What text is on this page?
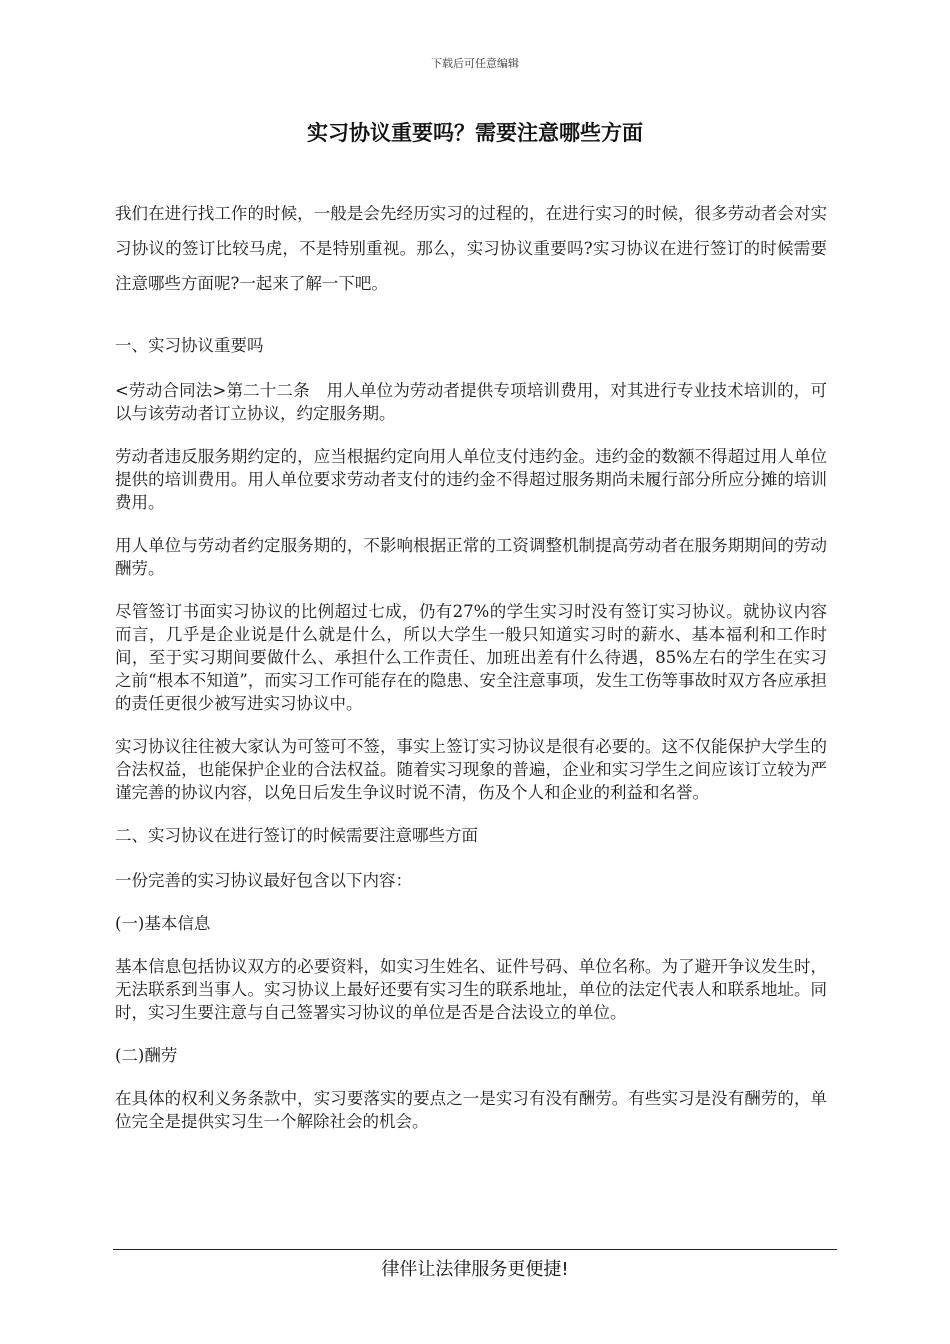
下载后可任意编辑
实习协议重要吗？需要注意哪些方面

我们在进行找工作的时候，一般是会先经历实习的过程的，在进行实习的时候，很多劳动者会对实习协议的签订比较马虎，不是特别重视。那么，实习协议重要吗?实习协议在进行签订的时候需要注意哪些方面呢?一起来了解一下吧。

一、实习协议重要吗

<劳动合同法>第二十二条　用人单位为劳动者提供专项培训费用，对其进行专业技术培训的，可以与该劳动者订立协议，约定服务期。

劳动者违反服务期约定的，应当根据约定向用人单位支付违约金。违约金的数额不得超过用人单位提供的培训费用。用人单位要求劳动者支付的违约金不得超过服务期尚未履行部分所应分摊的培训费用。

用人单位与劳动者约定服务期的，不影响根据正常的工资调整机制提高劳动者在服务期期间的劳动酬劳。

尽管签订书面实习协议的比例超过七成，仍有27%的学生实习时没有签订实习协议。就协议内容而言，几乎是企业说是什么就是什么，所以大学生一般只知道实习时的薪水、基本福利和工作时间，至于实习期间要做什么、承担什么工作责任、加班出差有什么待遇，85%左右的学生在实习之前“根本不知道”，而实习工作可能存在的隐患、安全注意事项，发生工伤等事故时双方各应承担的责任更很少被写进实习协议中。

实习协议往往被大家认为可签可不签，事实上签订实习协议是很有必要的。这不仅能保护大学生的合法权益，也能保护企业的合法权益。随着实习现象的普遍，企业和实习学生之间应该订立较为严谨完善的协议内容，以免日后发生争议时说不清，伤及个人和企业的利益和名誉。

二、实习协议在进行签订的时候需要注意哪些方面

一份完善的实习协议最好包含以下内容：

(一)基本信息

基本信息包括协议双方的必要资料，如实习生姓名、证件号码、单位名称。为了避开争议发生时，无法联系到当事人。实习协议上最好还要有实习生的联系地址，单位的法定代表人和联系地址。同时，实习生要注意与自己签署实习协议的单位是否是合法设立的单位。

(二)酬劳

在具体的权利义务条款中，实习要落实的要点之一是实习有没有酬劳。有些实习是没有酬劳的，单位完全是提供实习生一个解除社会的机会。

律伴让法律服务更便捷!
